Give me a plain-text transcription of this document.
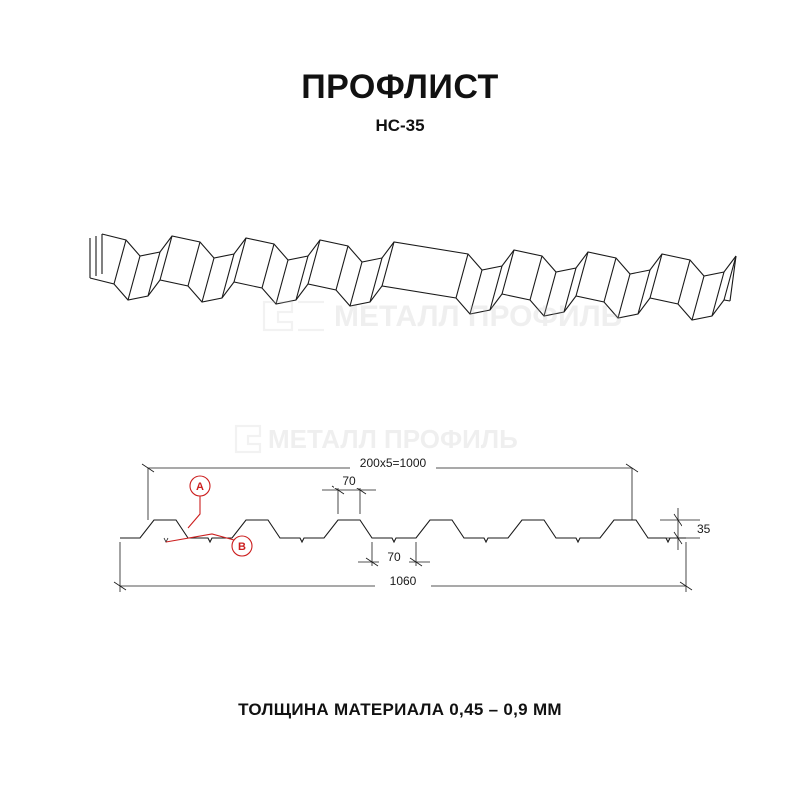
ПРОФЛИСТ
НС-35
МЕТАЛЛ ПРОФИЛЬ
МЕТАЛЛ ПРОФИЛЬ
200x5=1000
70
70
35
1060
A
B
ТОЛЩИНА МАТЕРИАЛА 0,45 – 0,9 ММ
